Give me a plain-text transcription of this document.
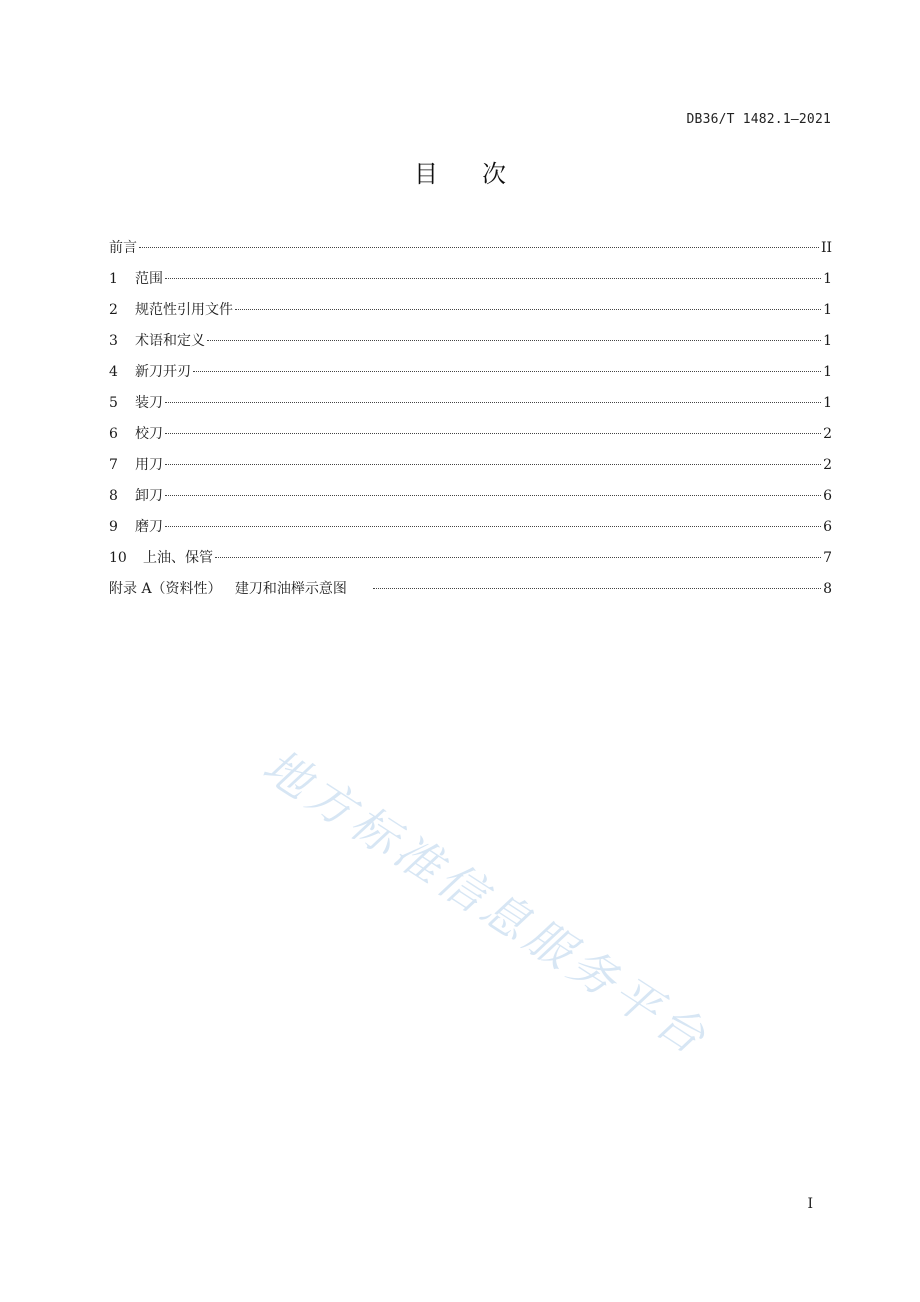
DB36/T 1482.1—2021
目次
前言	II
1	范围	1
2	规范性引用文件	1
3	术语和定义	1
4	新刀开刃	1
5	装刀	1
6	校刀	2
7	用刀	2
8	卸刀	6
9	磨刀	6
10	上油、保管	7
附录 A（资料性）   建刀和油榉示意图	8
地方标准信息服务平台
I
